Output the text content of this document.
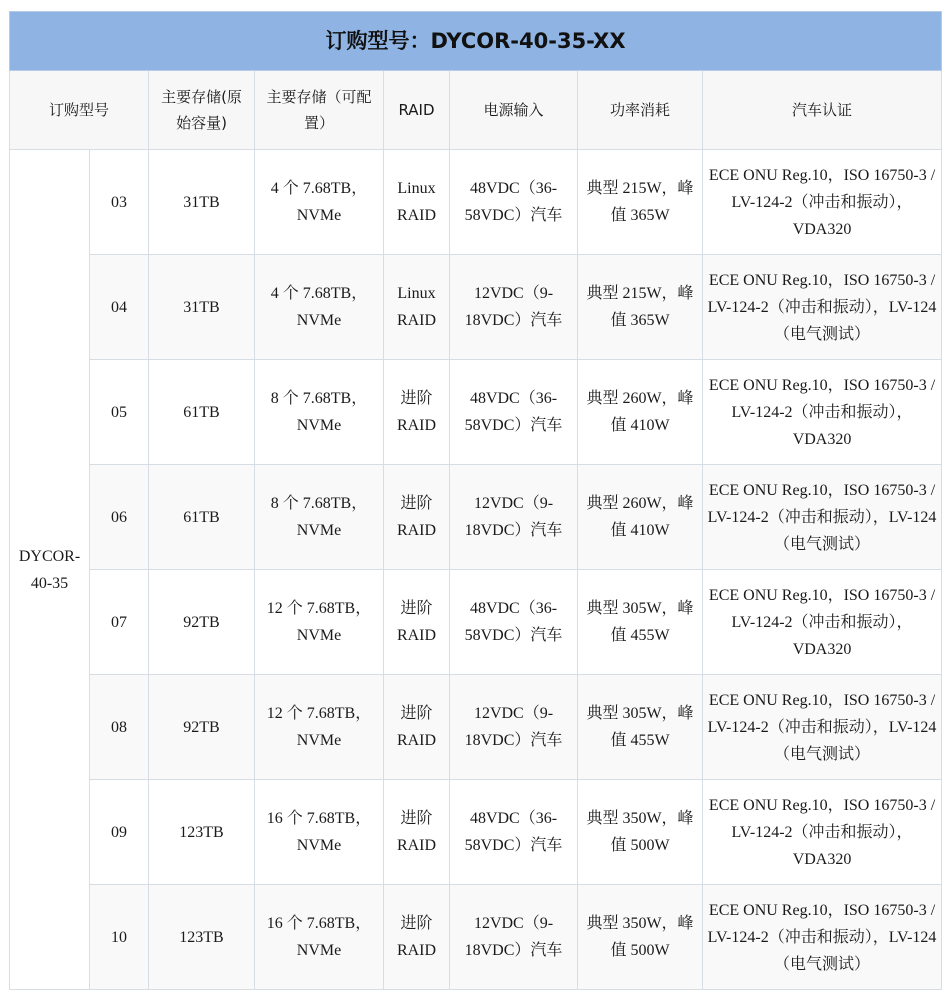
订购型号：DYCOR-40-35-XX							
订购型号		主要存储(原始容量)	主要存储（可配置）	RAID	电源输入	功率消耗	汽车认证
DYCOR-40-35	03	31TB	4 个 7.68TB，NVMe	Linux RAID	48VDC（36-58VDC）汽车	典型 215W，峰值 365W	ECE ONU Reg.10，ISO 16750-3 / LV-124-2（冲击和振动），VDA320
	04	31TB	4 个 7.68TB，NVMe	Linux RAID	12VDC（9-18VDC）汽车	典型 215W，峰值 365W	ECE ONU Reg.10，ISO 16750-3 / LV-124-2（冲击和振动），LV-124（电气测试）
	05	61TB	8 个 7.68TB，NVMe	进阶 RAID	48VDC（36-58VDC）汽车	典型 260W，峰值 410W	ECE ONU Reg.10，ISO 16750-3 / LV-124-2（冲击和振动），VDA320
	06	61TB	8 个 7.68TB，NVMe	进阶 RAID	12VDC（9-18VDC）汽车	典型 260W，峰值 410W	ECE ONU Reg.10，ISO 16750-3 / LV-124-2（冲击和振动），LV-124（电气测试）
	07	92TB	12 个 7.68TB，NVMe	进阶 RAID	48VDC（36-58VDC）汽车	典型 305W，峰值 455W	ECE ONU Reg.10，ISO 16750-3 / LV-124-2（冲击和振动），VDA320
	08	92TB	12 个 7.68TB，NVMe	进阶 RAID	12VDC（9-18VDC）汽车	典型 305W，峰值 455W	ECE ONU Reg.10，ISO 16750-3 / LV-124-2（冲击和振动），LV-124（电气测试）
	09	123TB	16 个 7.68TB，NVMe	进阶 RAID	48VDC（36-58VDC）汽车	典型 350W，峰值 500W	ECE ONU Reg.10，ISO 16750-3 / LV-124-2（冲击和振动），VDA320
	10	123TB	16 个 7.68TB，NVMe	进阶 RAID	12VDC（9-18VDC）汽车	典型 350W，峰值 500W	ECE ONU Reg.10，ISO 16750-3 / LV-124-2（冲击和振动），LV-124（电气测试）
